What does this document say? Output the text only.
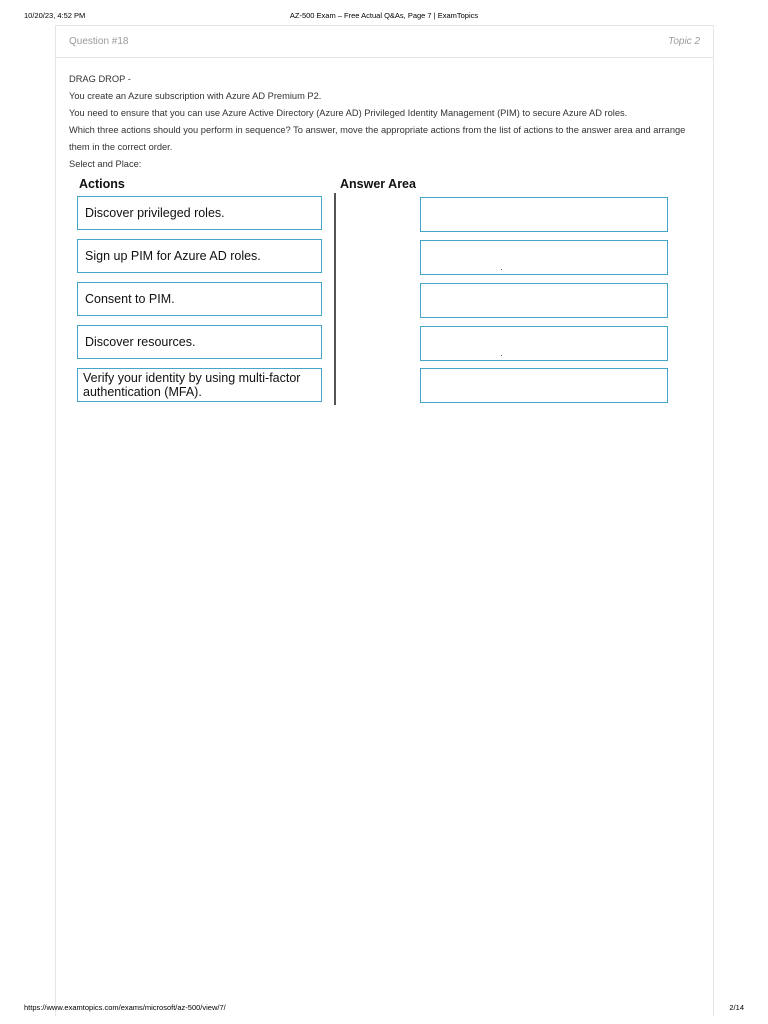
10/20/23, 4:52 PM	AZ-500 Exam – Free Actual Q&As, Page 7 | ExamTopics
Question #18	Topic 2

DRAG DROP -

You create an Azure subscription with Azure AD Premium P2.

You need to ensure that you can use Azure Active Directory (Azure AD) Privileged Identity Management (PIM) to secure Azure AD roles.

Which three actions should you perform in sequence? To answer, move the appropriate actions from the list of actions to the answer area and arrange them in the correct order.

Select and Place:

Actions	Answer Area
Discover privileged roles.
Sign up PIM for Azure AD roles.
Consent to PIM.
Discover resources.
Verify your identity by using multi-factor authentication (MFA).
https://www.examtopics.com/exams/microsoft/az-500/view/7/	2/14
